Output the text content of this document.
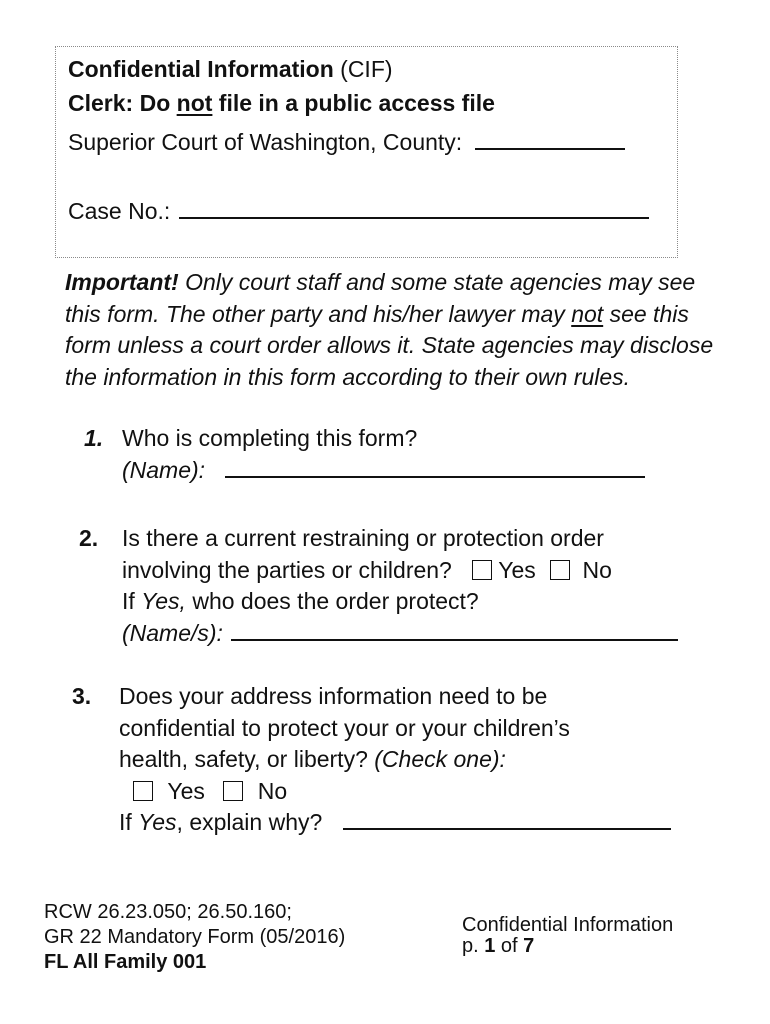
Confidential Information (CIF)
Clerk: Do not file in a public access file
Superior Court of Washington, County:
Case No.:
Important! Only court staff and some state agencies may see this form. The other party and his/her lawyer may not see this form unless a court order allows it. State agencies may disclose the information in this form according to their own rules.
1. Who is completing this form?
(Name):
2. Is there a current restraining or protection order
involving the parties or children? Yes No
If Yes, who does the order protect?
(Name/s):
3. Does your address information need to be
confidential to protect your or your children’s
health, safety, or liberty? (Check one):
Yes No
If Yes, explain why?
RCW 26.23.050; 26.50.160;
GR 22 Mandatory Form (05/2016)
FL All Family 001
Confidential Information
p. 1 of 7
